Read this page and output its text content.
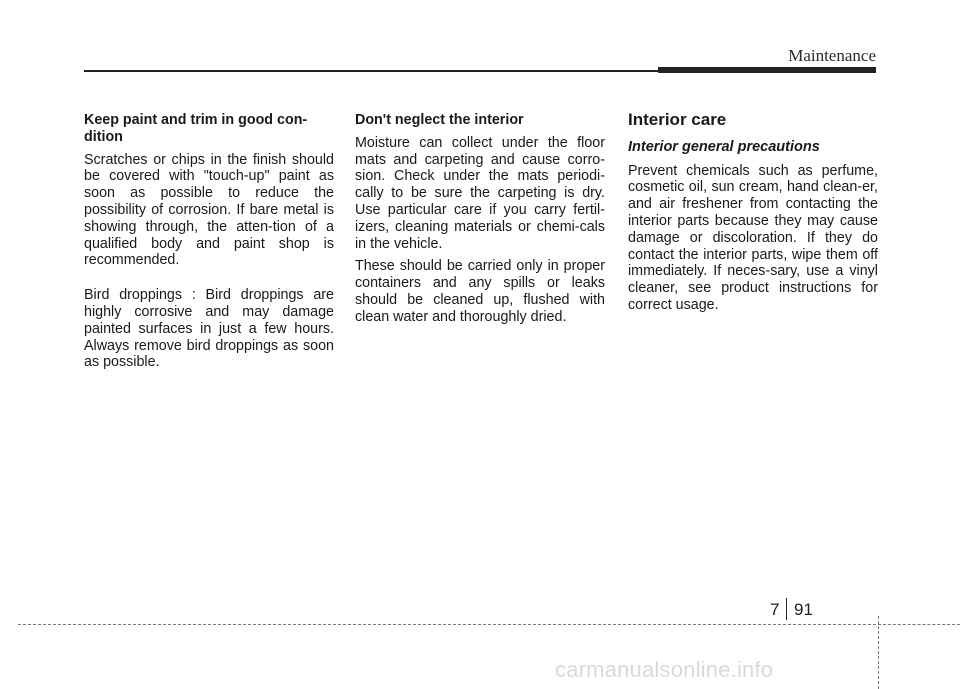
Maintenance
Keep paint and trim in good con-dition

Scratches or chips in the finish should be covered with "touch-up" paint as soon as possible to reduce the possibility of corrosion. If bare metal is showing through, the atten-tion of a qualified body and paint shop is recommended.

Bird droppings : Bird droppings are highly corrosive and may damage painted surfaces in just a few hours. Always remove bird droppings as soon as possible.

Don't neglect the interior

Moisture can collect under the floor mats and carpeting and cause corro-sion. Check under the mats periodi-cally to be sure the carpeting is dry. Use particular care if you carry fertil-izers, cleaning materials or chemi-cals in the vehicle.

These should be carried only in proper containers and any spills or leaks should be cleaned up, flushed with clean water and thoroughly dried.

Interior care
Interior general precautions

Prevent chemicals such as perfume, cosmetic oil, sun cream, hand clean-er, and air freshener from contacting the interior parts because they may cause damage or discoloration. If they do contact the interior parts, wipe them off immediately. If neces-sary, use a vinyl cleaner, see product instructions for correct usage.

7 91
carmanualsonline.info
